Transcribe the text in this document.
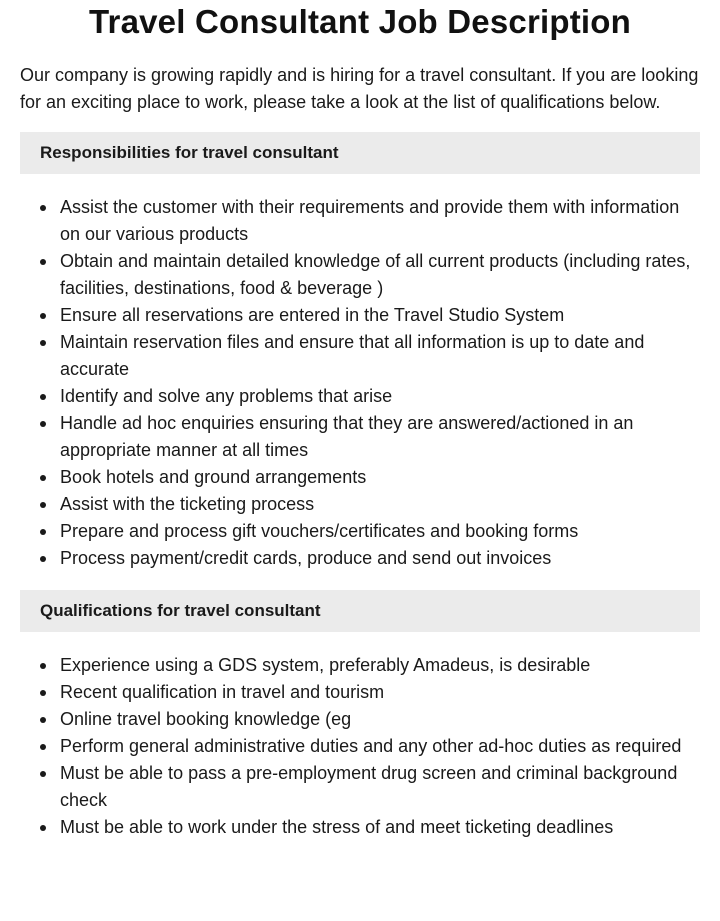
Travel Consultant Job Description

Our company is growing rapidly and is hiring for a travel consultant. If you are looking for an exciting place to work, please take a look at the list of qualifications below.

Responsibilities for travel consultant
Assist the customer with their requirements and provide them with information on our various products
Obtain and maintain detailed knowledge of all current products (including rates, facilities, destinations, food & beverage )
Ensure all reservations are entered in the Travel Studio System
Maintain reservation files and ensure that all information is up to date and accurate
Identify and solve any problems that arise
Handle ad hoc enquiries ensuring that they are answered/actioned in an appropriate manner at all times
Book hotels and ground arrangements
Assist with the ticketing process
Prepare and process gift vouchers/certificates and booking forms
Process payment/credit cards, produce and send out invoices
Qualifications for travel consultant
Experience using a GDS system, preferably Amadeus, is desirable
Recent qualification in travel and tourism
Online travel booking knowledge (eg
Perform general administrative duties and any other ad-hoc duties as required
Must be able to pass a pre-employment drug screen and criminal background check
Must be able to work under the stress of and meet ticketing deadlines
